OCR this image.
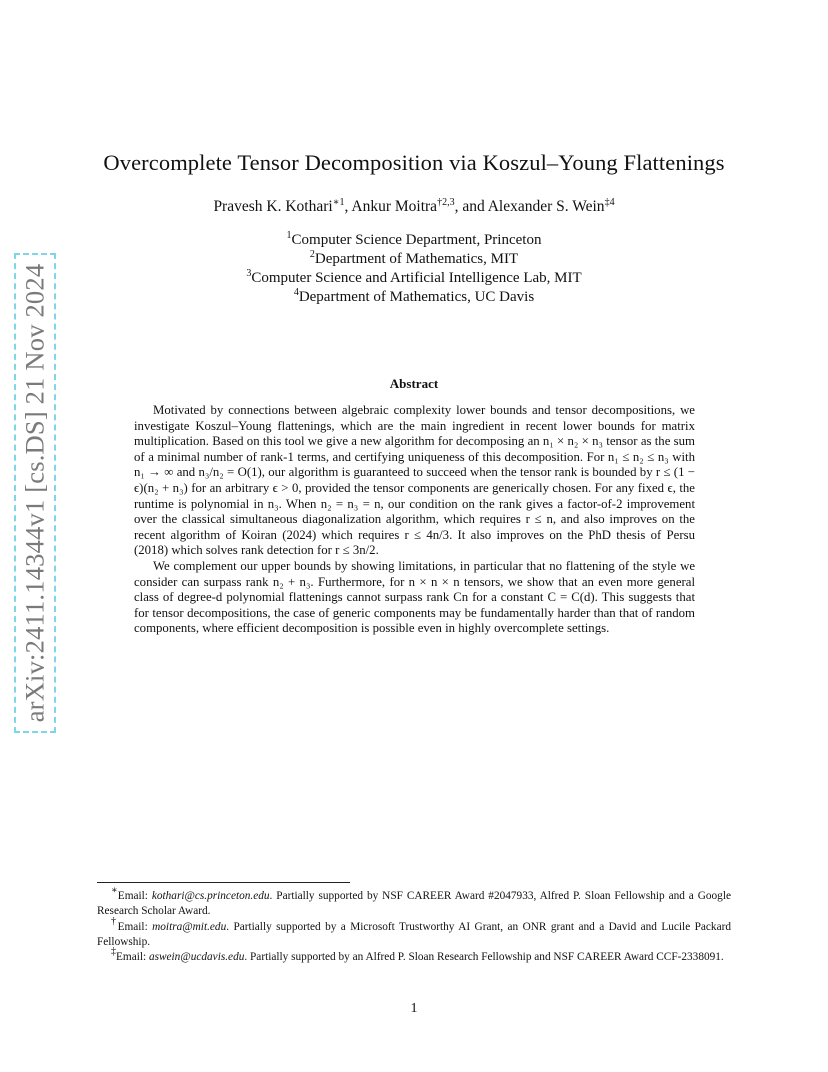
arXiv:2411.14344v1 [cs.DS] 21 Nov 2024
Overcomplete Tensor Decomposition via Koszul–Young Flattenings
Pravesh K. Kothari$^{∗1}$, Ankur Moitra$^{\dagger 2,3}$, and Alexander S. Wein$^{\ddagger 4}$
$^1$Computer Science Department, Princeton
$^2$Department of Mathematics, MIT
$^3$Computer Science and Artificial Intelligence Lab, MIT
$^4$Department of Mathematics, UC Davis
Abstract

Motivated by connections between algebraic complexity lower bounds and tensor decompositions, we investigate Koszul–Young flattenings, which are the main ingredient in recent lower bounds for matrix multiplication. Based on this tool we give a new algorithm for decomposing an n₁ × n₂ × n₃ tensor as the sum of a minimal number of rank-1 terms, and certifying uniqueness of this decomposition. For n₁ ≤ n₂ ≤ n₃ with n₁ → ∞ and n₃/n₂ = O(1), our algorithm is guaranteed to succeed when the tensor rank is bounded by r ≤ (1 − ϵ)(n₂ + n₃) for an arbitrary ϵ > 0, provided the tensor components are generically chosen. For any fixed ϵ, the runtime is polynomial in n₃. When n₂ = n₃ = n, our condition on the rank gives a factor-of-2 improvement over the classical simultaneous diagonalization algorithm, which requires r ≤ n, and also improves on the recent algorithm of Koiran (2024) which requires r ≤ 4n/3. It also improves on the PhD thesis of Persu (2018) which solves rank detection for r ≤ 3n/2.

We complement our upper bounds by showing limitations, in particular that no flattening of the style we consider can surpass rank n₂ + n₃. Furthermore, for n × n × n tensors, we show that an even more general class of degree-d polynomial flattenings cannot surpass rank Cn for a constant C = C(d). This suggests that for tensor decompositions, the case of generic components may be fundamentally harder than that of random components, where efficient decomposition is possible even in highly overcomplete settings.

∗Email: kothari@cs.princeton.edu. Partially supported by NSF CAREER Award #2047933, Alfred P. Sloan Fellowship and a Google Research Scholar Award.

†Email: moitra@mit.edu. Partially supported by a Microsoft Trustworthy AI Grant, an ONR grant and a David and Lucile Packard Fellowship.

‡Email: aswein@ucdavis.edu. Partially supported by an Alfred P. Sloan Research Fellowship and NSF CAREER Award CCF-2338091.

1
